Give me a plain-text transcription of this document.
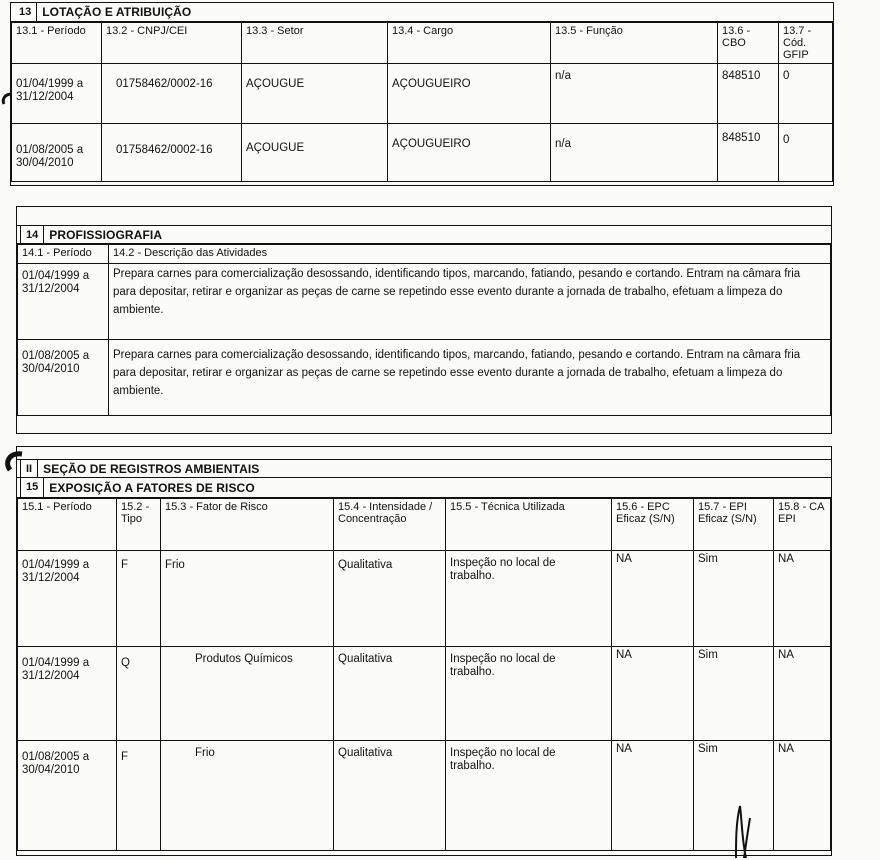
13 LOTAÇÃO E ATRIBUIÇÃO
13.1 - Período	13.2 - CNPJ/CEI	13.3 - Setor	13.4 - Cargo	13.5 - Função	13.6 - CBO	13.7 - Cód. GFIP
01/04/1999 a 31/12/2004	01758462/0002-16	AÇOUGUE	AÇOUGUEIRO	n/a	848510	0
01/08/2005 a 30/04/2010	01758462/0002-16	AÇOUGUE	AÇOUGUEIRO	n/a	848510	0
14 PROFISSIOGRAFIA
14.1 - Período	14.2 - Descrição das Atividades
01/04/1999 a 31/12/2004	Prepara carnes para comercialização desossando, identificando tipos, marcando, fatiando, pesando e cortando. Entram na câmara fria para depositar, retirar e organizar as peças de carne se repetindo esse evento durante a jornada de trabalho, efetuam a limpeza do ambiente.
01/08/2005 a 30/04/2010	Prepara carnes para comercialização desossando, identificando tipos, marcando, fatiando, pesando e cortando. Entram na câmara fria para depositar, retirar e organizar as peças de carne se repetindo esse evento durante a jornada de trabalho, efetuam a limpeza do ambiente.
II SEÇÃO DE REGISTROS AMBIENTAIS
15 EXPOSIÇÃO A FATORES DE RISCO
15.1 - Período	15.2 - Tipo	15.3 - Fator de Risco	15.4 - Intensidade / Concentração	15.5 - Técnica Utilizada	15.6 - EPC Eficaz (S/N)	15.7 - EPI Eficaz (S/N)	15.8 - CA EPI
01/04/1999 a 31/12/2004	F	Frio	Qualitativa	Inspeção no local de trabalho.	NA	Sim	NA
01/04/1999 a 31/12/2004	Q	Produtos Químicos	Qualitativa	Inspeção no local de trabalho.	NA	Sim	NA
01/08/2005 a 30/04/2010	F	Frio	Qualitativa	Inspeção no local de trabalho.	NA	Sim	NA
